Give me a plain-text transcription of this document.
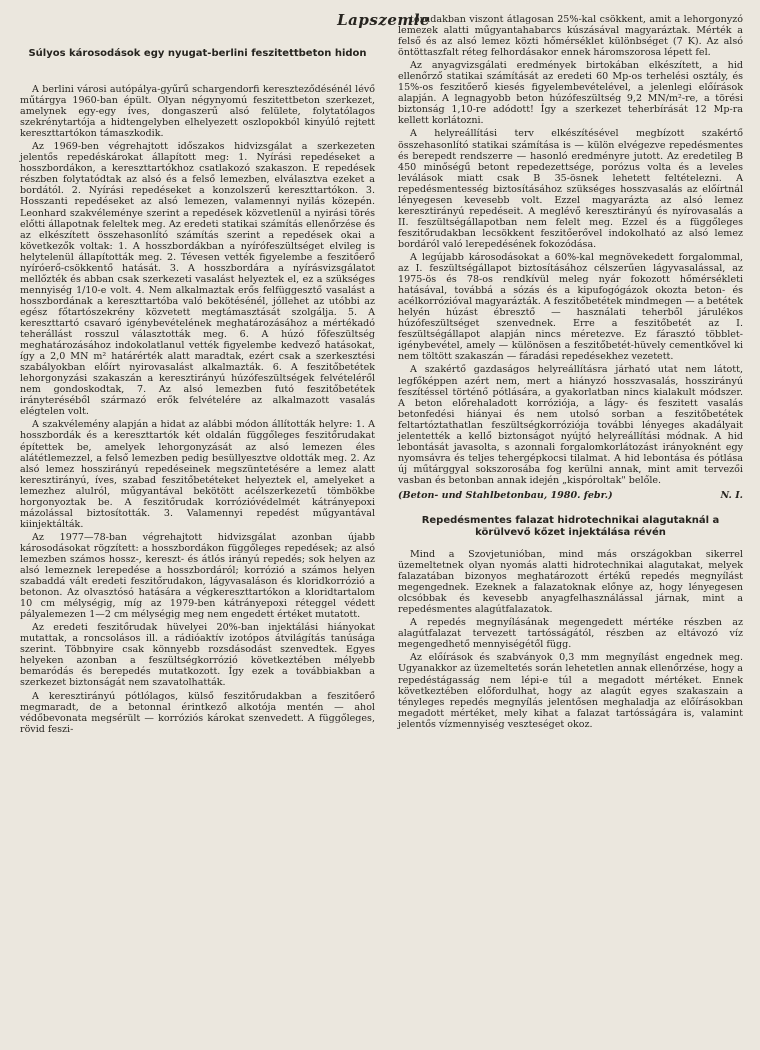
Lapszemle
Súlyos károsodások egy nyugat-berlini feszitettbeton hidon

A berlini városi autópálya-gyűrű schargendorfi kereszteződésénél lévő műtárgya 1960-ban épült. Olyan négynyomú feszitettbeton szerkezet, amelynek egy-egy íves, dongaszerű alsó felülete, folytatólagos szekrénytartója a hidtengelyben elhelyezett oszlopokból kinyúló rejtett kereszttartókon támaszkodik.

Az 1969-ben végrehajtott időszakos hidvizsgálat a szerkezeten jelentős repedéskárokat állapított meg: 1. Nyírási repedéseket a hosszbordákon, a kereszttartókhoz csatlakozó szakaszon. E repedések részben folytatódtak az alsó és a felső lemezben, elválasztva ezeket a bordától. 2. Nyírási repedéseket a konzolszerű kereszttartókon. 3. Hosszanti repedéseket az alsó lemezen, valamennyi nyilás közepén. Leonhard szakvéleménye szerint a repedések közvetlenül a nyirási törés előtti állapotnak feleltek meg. Az eredeti statikai számítás ellenőrzése és az elkészített összehasonlító számítás szerint a repedések okai a következők voltak: 1. A hosszbordákban a nyírófeszültséget elvileg is helytelenül állapították meg. 2. Tévesen vették figyelembe a feszitőerő nyíróerő-csökkentő hatását. 3. A hosszbordára a nyírásvizsgálatot mellőzték és abban csak szerkezeti vasalást helyeztek el, ez a szükséges mennyiség 1/10-e volt. 4. Nem alkalmaztak erős felfüggesztő vasalást a hosszbordának a kereszttartóba való bekötésénél, jóllehet az utóbbi az egész főtartószekrény közvetett megtámasztását szolgálja. 5. A kereszttartó csavaró igénybevételének meghatározásához a mértékadó teherállást rosszul választották meg. 6. A húzó főfeszültség meghatározásához indokolatlanul vették figyelembe kedvező hatásokat, így a 2,0 MN m² határérték alatt maradtak, ezért csak a szerkesztési szabályokban előírt nyirovasalást alkalmazták. 6. A feszitőbetétek lehorgonyzási szakaszán a keresztirányú húzófeszültségek felvételéről nem gondoskodtak, 7. Az alsó lemezben futó feszitőbetétek irányteréséből származó erők felvételére az alkalmazott vasalás elégtelen volt.

A szakvélemény alapján a hidat az alábbi módon állították helyre: 1. A hosszbordák és a kereszttartók két oldalán függőleges feszitőrudakat építettek be, amelyek lehorgonyzását az alsó lemezen éles alátétlemezzel, a felső lemezben pedig besüllyesztve oldották meg. 2. Az alsó lemez hosszirányú repedéseinek megszüntetésére a lemez alatt keresztirányú, íves, szabad feszitőbetéteket helyeztek el, amelyeket a lemezhez alulról, műgyantával bekötött acélszerkezetű tömbökbe horgonyoztak be. A feszitőrudak korrózióvédelmét kátrányepoxi mázolással biztosították. 3. Valamennyi repedést műgyantával kiinjektálták.

Az 1977—78-ban végrehajtott hidvizsgálat azonban újabb károsodásokat rögzített: a hosszbordákon függőleges repedések; az alsó lemezben számos hossz-, kereszt- és átlós irányú repedés; sok helyen az alsó lemeznek lerepedése a hosszbordáról; korrózió a számos helyen szabaddá vált eredeti feszitőrudakon, lágyvasaláson és kloridkorrózió a betonon. Az olvasztósó hatására a végkereszttartókon a kloridtartalom 10 cm mélységig, míg az 1979-ben kátrányepoxi réteggel védett pályalemezen 1—2 cm mélységig meg nem engedett értéket mutatott.

Az eredeti feszitőrudak hüvelyei 20%-ban injektálási hiányokat mutattak, a roncsolásos ill. a rádióaktív izotópos átvilágítás tanúsága szerint. Többnyire csak könnyebb rozsdásodást szenvedtek. Egyes helyeken azonban a feszültségkorrózió következtében mélyebb bemaródás és berepedés mutatkozott. Így ezek a továbbiakban a szerkezet biztonságát nem szavatolhatták.

A keresztirányú pótlólagos, külső feszitőrudakban a feszitőerő megmaradt, de a betonnal érintkező alkotója mentén — ahol védőbevonata megsérült — korróziós károkat szenvedett. A függőleges, rövid feszi-

tőrudakban viszont átlagosan 25%-kal csökkent, amit a lehorgonyzó lemezek alatti műgyantahabarcs kúszásával magyaráztak. Mérték a felső és az alsó lemez közti hőmérséklet különbséget (7 K). Az alsó öntöttaszfalt réteg felhordásakor ennek háromszorosa lépett fel.

Az anyagvizsgálati eredmények birtokában elkészített, a hid ellenőrző statikai számítását az eredeti 60 Mp-os terhelési osztály, és 15%-os feszitőerő kiesés figyelembevételével, a jelenlegi előírások alapján. A legnagyobb beton húzófeszültség 9,2 MN/m²-re, a törési biztonság 1,10-re adódott! Így a szerkezet teherbírását 12 Mp-ra kellett korlátozni.

A helyreállítási terv elkészítésével megbízott szakértő összehasonlító statikai számítása is — külön elvégezve repedésmentes és berepedt rendszerre — hasonló eredményre jutott. Az eredetileg B 450 minőségű betont repedezettsége, porózus volta és a leveles leválások miatt csak B 35-ösnek lehetett feltételezni. A repedésmentesség biztosításához szükséges hosszvasalás az előírtnál lényegesen kevesebb volt. Ezzel magyarázta az alsó lemez keresztirányú repedéseit. A meglévő keresztirányú és nyírovasalás a II. feszültségállapotban nem felelt meg. Ezzel és a függőleges feszitőrudakban lecsökkent feszitőerővel indokolható az alsó lemez bordáról való lerepedésének fokozódása.

A legújabb károsodásokat a 60%-kal megnövekedett forgalommal, az I. feszültségállapot biztosításához célszerűen lágyvasalással, az 1975-ös és 78-os rendkívül meleg nyár fokozott hőmérsékleti hatásával, továbbá a sózás és a kipufogógázok okozta beton- és acélkorrózióval magyarázták. A feszitőbetétek mindmegen — a betétek helyén húzást ébresztő — használati teherből járulékos húzófeszültséget szenvednek. Erre a feszitőbetét az I. feszültségállapot alapján nincs méretezve. Ez fárasztó többlet-igénybevétel, amely — különösen a feszitőbetét-hüvely cementkővel ki nem töltött szakaszán — fáradási repedésekhez vezetett.

A szakértő gazdaságos helyreállításra járható utat nem látott, legfőképpen azért nem, mert a hiányzó hosszvasalás, hosszirányú feszítéssel történő pótlására, a gyakorlatban nincs kialakult módszer. A beton előrehaladott korróziója, a lágy- és feszitett vasalás betonfedési hiányai és nem utolsó sorban a feszitőbetétek feltartóztathatlan feszültségkorróziója további lényeges akadályait jelentették a kellő biztonságot nyújtó helyreállítási módnak. A hid lebontását javasolta, s azonnali forgalomkorlátozást irányoknént egy nyomsávra és teljes tehergépkocsi tilalmat. A hid lebontása és pótlása új műtárggyal sokszorosába fog kerülni annak, mint amit tervezői vasban és betonban annak idején „kispóroltak" belőle.

(Beton- und Stahlbetonbau, 1980. febr.)	N. I.
Repedésmentes falazat hidrotechnikai alagutaknál a körülvevő kőzet injektálása révén

Mind a Szovjetunióban, mind más országokban sikerrel üzemeltetnek olyan nyomás alatti hidrotechnikai alagutakat, melyek falazatában bizonyos meghatározott értékű repedés megnyílást megengednek. Ezeknek a falazatoknak előnye az, hogy lényegesen olcsóbbak és kevesebb anyagfelhasználással járnak, mint a repedésmentes alagútfalazatok.

A repedés megnyílásának megengedett mértéke részben az alagútfalazat tervezett tartósságától, részben az eltávozó víz megengedhető mennyiségétől függ.

Az előírások és szabványok 0,3 mm megnyílást engednek meg. Ugyanakkor az üzemeltetés során lehetetlen annak ellenőrzése, hogy a repedéstágasság nem lépi-e túl a megadott mértéket. Ennek következtében előfordulhat, hogy az alagút egyes szakaszain a tényleges repedés megnyílás jelentősen meghaladja az előírásokban megadott mértéket, mely kihat a falazat tartósságára is, valamint jelentős vízmennyiség veszteséget okoz.
